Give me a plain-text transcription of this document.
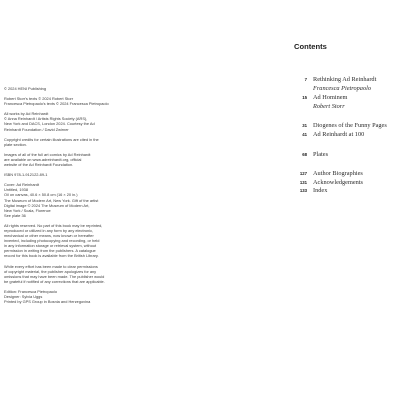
© 2024 HENI Publishing
Robert Storr's texts © 2024 Robert Storr
Francesca Pietropaolo's texts © 2024 Francesca Pietropaolo
All works by Ad Reinhardt
© Anna Reinhardt / Artists Rights Society (ARS),
New York and DACS, London 2024. Courtesy the Ad
Reinhardt Foundation / David Zwirner
Copyright credits for certain illustrations are cited in the
plate section.
Images of all of the full art comics by Ad Reinhardt
are available on www.adreinhardt.org, official
website of the Ad Reinhardt Foundation.
ISBN 978-1-912122-89-1
Cover: Ad Reinhardt
Untitled, 1938
Oil on canvas, 40.6 × 50.8 cm (16 × 20 in.)
The Museum of Modern Art, New York. Gift of the artist
Digital image © 2024 The Museum of Modern Art,
New York / Scala, Florence
See plate 36
All rights reserved. No part of this book may be reprinted,
reproduced or utilized in any form by any electronic,
mechanical or other means, now known or hereafter
invented, including photocopying and recording, or held
in any information storage or retrieval system, without
permission in writing from the publishers. A catalogue
record for this book is available from the British Library.
While every effort has been made to clear permissions
of copyright material, the publisher apologizes for any
omissions that may have been made. The publisher would
be grateful if notified of any corrections that are applicable.
Edition: Francesca Pietropaolo
Designer: Sylvia Uggs
Printed by GPS Group in Bosnia and Herzegovina
Contents
7 Rethinking Ad Reinhardt
Francesca Pietropaolo
15 Ad Hominem
Robert Storr
31 Diogenes of the Funny Pages
41 Ad Reinhardt at 100
68 Plates
127 Author Biographies
131 Acknowledgements
133 Index
